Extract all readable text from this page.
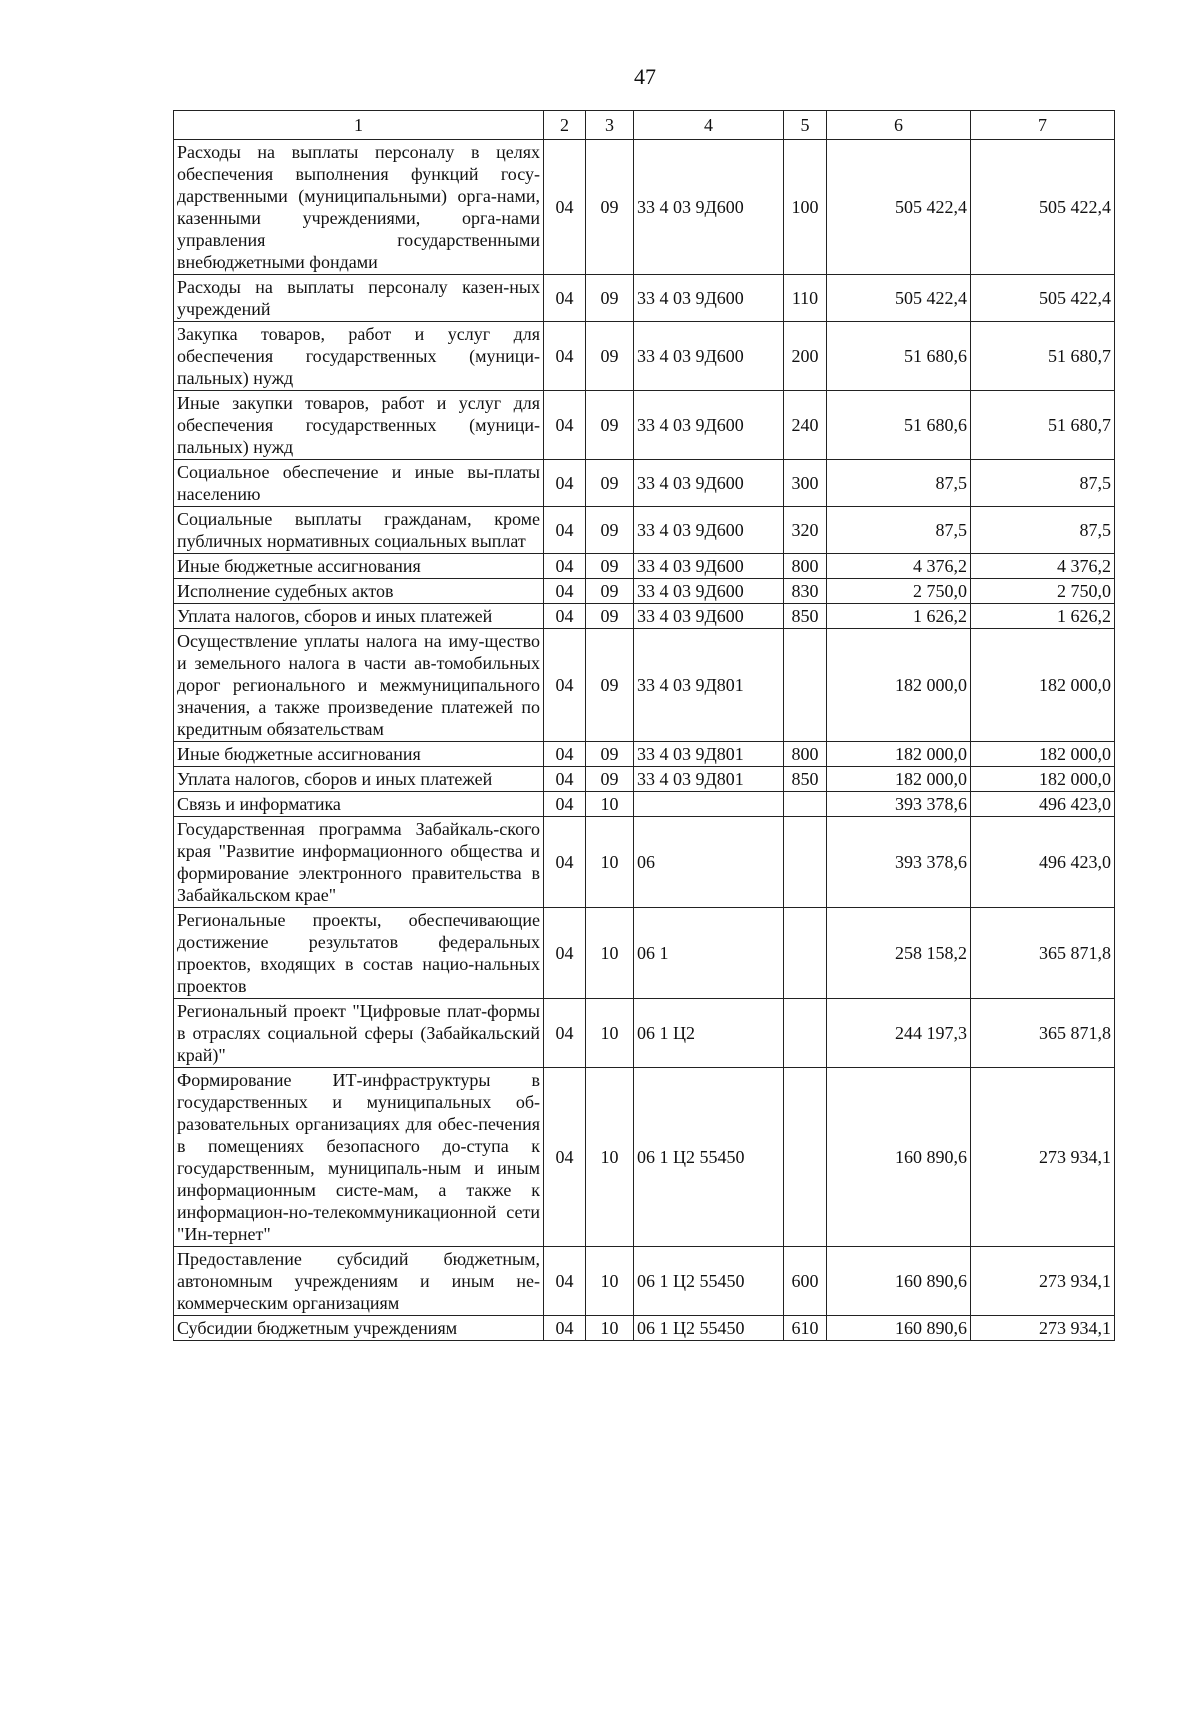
47
1	2	3	4	5	6	7
Расходы на выплаты персоналу в целях обеспечения выполнения функций госу-дарственными (муниципальными) орга-нами, казенными учреждениями, орга-нами управления государственными внебюджетными фондами	04	09	33 4 03 9Д600	100	505 422,4	505 422,4
Расходы на выплаты персоналу казен-ных учреждений	04	09	33 4 03 9Д600	110	505 422,4	505 422,4
Закупка товаров, работ и услуг для обеспечения государственных (муници-пальных) нужд	04	09	33 4 03 9Д600	200	51 680,6	51 680,7
Иные закупки товаров, работ и услуг для обеспечения государственных (муници-пальных) нужд	04	09	33 4 03 9Д600	240	51 680,6	51 680,7
Социальное обеспечение и иные вы-платы населению	04	09	33 4 03 9Д600	300	87,5	87,5
Социальные выплаты гражданам, кроме публичных нормативных социальных выплат	04	09	33 4 03 9Д600	320	87,5	87,5
Иные бюджетные ассигнования	04	09	33 4 03 9Д600	800	4 376,2	4 376,2
Исполнение судебных актов	04	09	33 4 03 9Д600	830	2 750,0	2 750,0
Уплата налогов, сборов и иных платежей	04	09	33 4 03 9Д600	850	1 626,2	1 626,2
Осуществление уплаты налога на иму-щество и земельного налога в части ав-томобильных дорог регионального и межмуниципального значения, а также произведение платежей по кредитным обязательствам	04	09	33 4 03 9Д801		182 000,0	182 000,0
Иные бюджетные ассигнования	04	09	33 4 03 9Д801	800	182 000,0	182 000,0
Уплата налогов, сборов и иных платежей	04	09	33 4 03 9Д801	850	182 000,0	182 000,0
Связь и информатика	04	10			393 378,6	496 423,0
Государственная программа Забайкаль-ского края "Развитие информационного общества и формирование электронного правительства в Забайкальском крае"	04	10	06		393 378,6	496 423,0
Региональные проекты, обеспечивающие достижение результатов федеральных проектов, входящих в состав нацио-нальных проектов	04	10	06 1		258 158,2	365 871,8
Региональный проект "Цифровые плат-формы в отраслях социальной сферы (Забайкальский край)"	04	10	06 1 Ц2		244 197,3	365 871,8
Формирование ИТ-инфраструктуры в государственных и муниципальных об-разовательных организациях для обес-печения в помещениях безопасного до-ступа к государственным, муниципаль-ным и иным информационным систе-мам, а также к информацион-но-телекоммуникационной сети "Ин-тернет"	04	10	06 1 Ц2 55450		160 890,6	273 934,1
Предоставление субсидий бюджетным, автономным учреждениям и иным не-коммерческим организациям	04	10	06 1 Ц2 55450	600	160 890,6	273 934,1
Субсидии бюджетным учреждениям	04	10	06 1 Ц2 55450	610	160 890,6	273 934,1
